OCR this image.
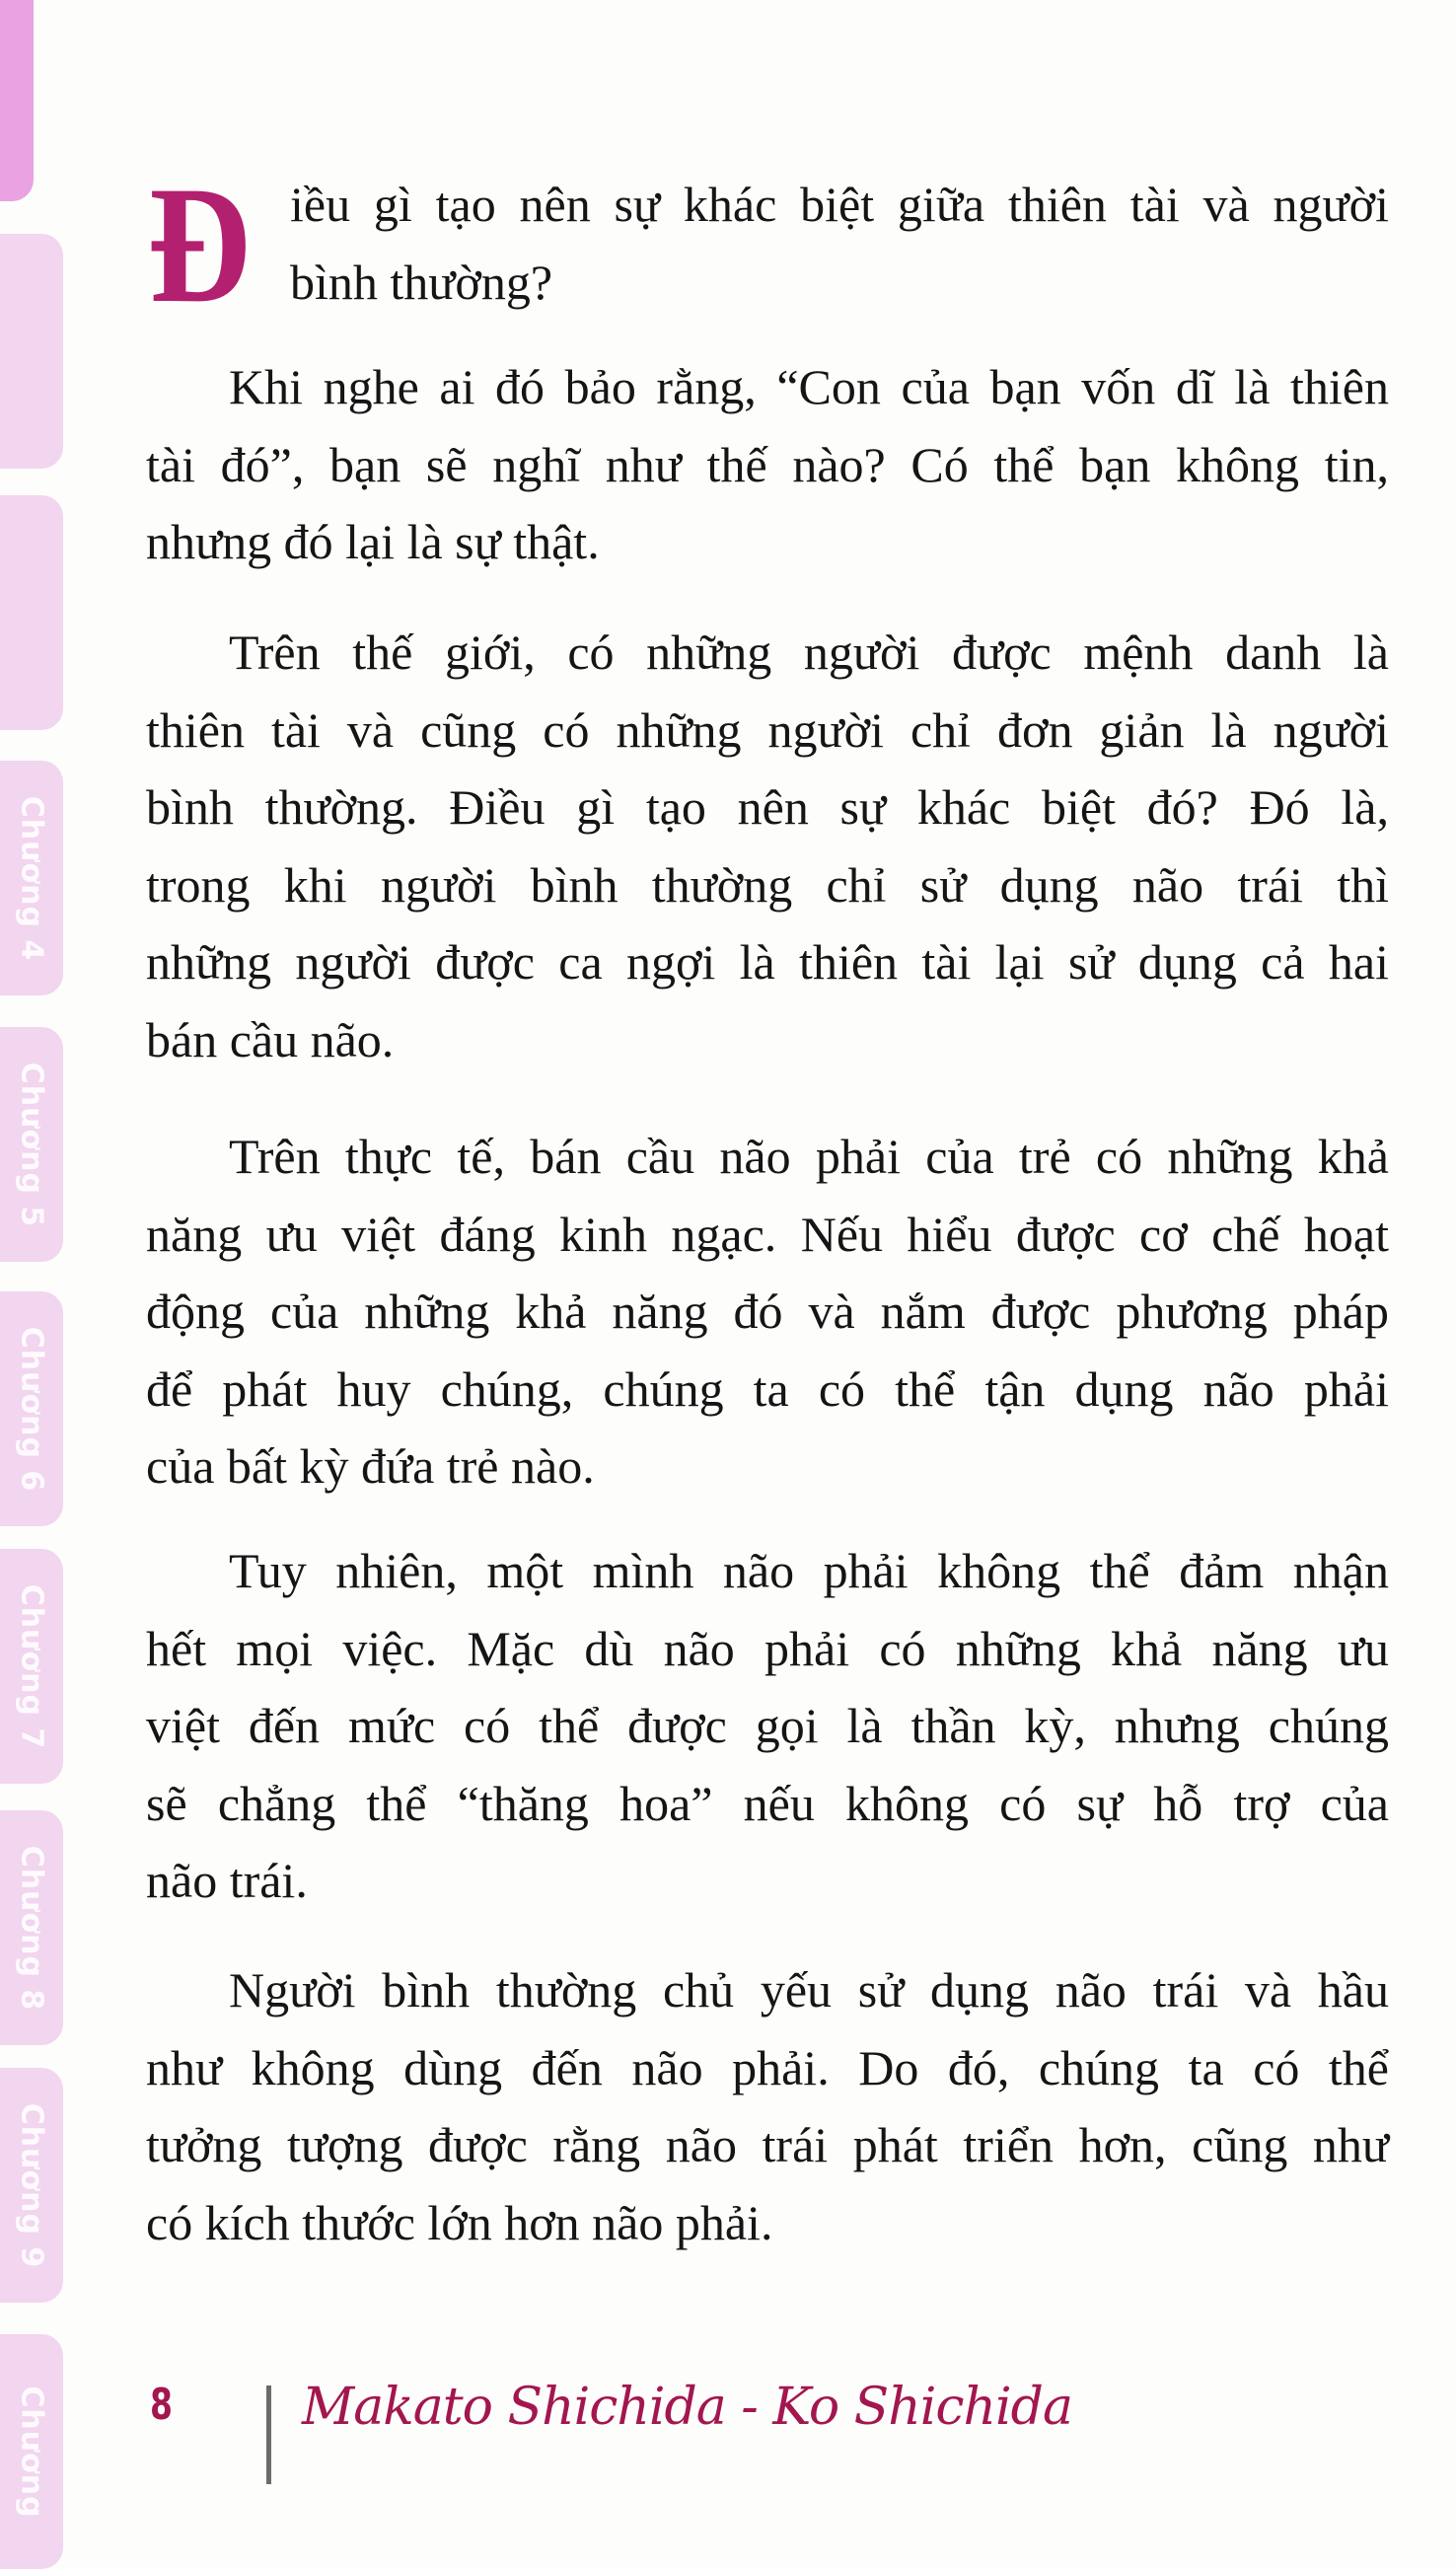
Chương 4
Chương 5
Chương 6
Chương 7
Chương 8
Chương 9
Chương
Đ iều gì tạo nên sự khác biệt giữa thiên tài và người
bình thường?
Khi nghe ai đó bảo rằng, “Con của bạn vốn dĩ là thiên
tài đó”, bạn sẽ nghĩ như thế nào? Có thể bạn không tin,
nhưng đó lại là sự thật.
Trên thế giới, có những người được mệnh danh là
thiên tài và cũng có những người chỉ đơn giản là người
bình thường. Điều gì tạo nên sự khác biệt đó? Đó là,
trong khi người bình thường chỉ sử dụng não trái thì
những người được ca ngợi là thiên tài lại sử dụng cả hai
bán cầu não.
Trên thực tế, bán cầu não phải của trẻ có những khả
năng ưu việt đáng kinh ngạc. Nếu hiểu được cơ chế hoạt
động của những khả năng đó và nắm được phương pháp
để phát huy chúng, chúng ta có thể tận dụng não phải
của bất kỳ đứa trẻ nào.
Tuy nhiên, một mình não phải không thể đảm nhận
hết mọi việc. Mặc dù não phải có những khả năng ưu
việt đến mức có thể được gọi là thần kỳ, nhưng chúng
sẽ chẳng thể “thăng hoa” nếu không có sự hỗ trợ của
não trái.
Người bình thường chủ yếu sử dụng não trái và hầu
như không dùng đến não phải. Do đó, chúng ta có thể
tưởng tượng được rằng não trái phát triển hơn, cũng như
có kích thước lớn hơn não phải.
8	Makato Shichida - Ko Shichida
